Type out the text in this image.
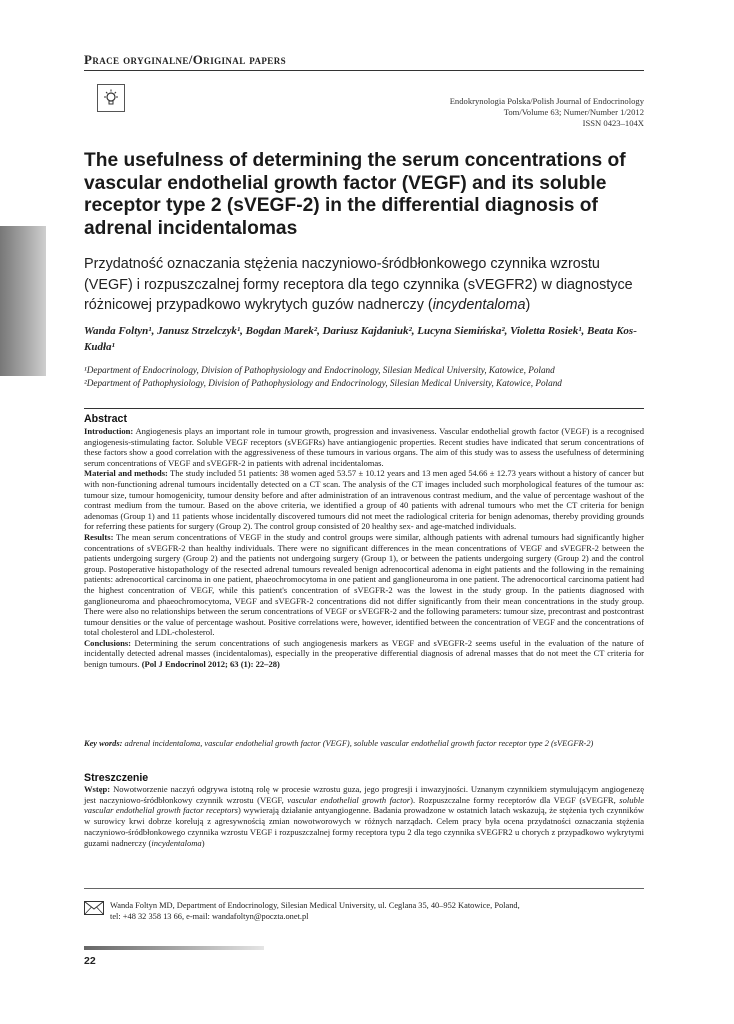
Prace oryginalne/Original papers
Endokrynologia Polska/Polish Journal of Endocrinology
Tom/Volume 63; Numer/Number 1/2012
ISSN 0423–104X
The usefulness of determining the serum concentrations of vascular endothelial growth factor (VEGF) and its soluble receptor type 2 (sVEGF-2) in the differential diagnosis of adrenal incidentalomas
Przydatność oznaczania stężenia naczyniowo-śródbłonkowego czynnika wzrostu (VEGF) i rozpuszczalnej formy receptora dla tego czynnika (sVEGFR2) w diagnostyce różnicowej przypadkowo wykrytych guzów nadnerczy (incydentaloma)
Wanda Foltyn¹, Janusz Strzelczyk¹, Bogdan Marek², Dariusz Kajdaniuk², Lucyna Siemińska², Violetta Rosiek¹, Beata Kos-Kudła¹
¹Department of Endocrinology, Division of Pathophysiology and Endocrinology, Silesian Medical University, Katowice, Poland
²Department of Pathophysiology, Division of Pathophysiology and Endocrinology, Silesian Medical University, Katowice, Poland
Abstract

Introduction: Angiogenesis plays an important role in tumour growth, progression and invasiveness. Vascular endothelial growth factor (VEGF) is a recognised angiogenesis-stimulating factor. Soluble VEGF receptors (sVEGFRs) have antiangiogenic properties. Recent studies have indicated that serum concentrations of these factors show a good correlation with the aggressiveness of these tumours in various organs. The aim of this study was to assess the usefulness of determining serum concentrations of VEGF and sVEGFR-2 in patients with adrenal incidentalomas.

Material and methods: The study included 51 patients: 38 women aged 53.57 ± 10.12 years and 13 men aged 54.66 ± 12.73 years without a history of cancer but with non-functioning adrenal tumours incidentally detected on a CT scan. The analysis of the CT images included such morphological features of the tumour as: tumour size, tumour homogenicity, tumour density before and after administration of an intravenous contrast medium, and the value of percentage washout of the contrast medium from the tumour. Based on the above criteria, we identified a group of 40 patients with adrenal tumours who met the CT criteria for benign adenomas (Group 1) and 11 patients whose incidentally discovered tumours did not meet the radiological criteria for benign adenomas, thereby providing grounds for referring these patients for surgery (Group 2). The control group consisted of 20 healthy sex- and age-matched individuals.

Results: The mean serum concentrations of VEGF in the study and control groups were similar, although patients with adrenal tumours had significantly higher concentrations of sVEGFR-2 than healthy individuals. There were no significant differences in the mean concentrations of VEGF and sVEGFR-2 between the patients undergoing surgery (Group 2) and the patients not undergoing surgery (Group 1), or between the patients undergoing surgery (Group 2) and the control group. Postoperative histopathology of the resected adrenal tumours revealed benign adrenocortical adenoma in eight patients and the following in the remaining patients: adrenocortical carcinoma in one patient, phaeochromocytoma in one patient and ganglioneuroma in one patient. The adrenocortical carcinoma patient had the highest concentration of VEGF, while this patient's concentration of sVEGFR-2 was the lowest in the study group. In the patients diagnosed with ganglioneuroma and phaeochromocytoma, VEGF and sVEGFR-2 concentrations did not differ significantly from their mean concentrations in the study group. There were also no relationships between the serum concentrations of VEGF or sVEGFR-2 and the following parameters: tumour size, precontrast and postcontrast tumour densities or the value of percentage washout. Positive correlations were, however, identified between the concentration of VEGF and the concentrations of total cholesterol and LDL-cholesterol.

Conclusions: Determining the serum concentrations of such angiogenesis markers as VEGF and sVEGFR-2 seems useful in the evaluation of the nature of incidentally detected adrenal masses (incidentalomas), especially in the preoperative differential diagnosis of adrenal masses that do not meet the CT criteria for benign tumours. (Pol J Endocrinol 2012; 63 (1): 22–28)

Key words: adrenal incidentaloma, vascular endothelial growth factor (VEGF), soluble vascular endothelial growth factor receptor type 2 (sVEGFR-2)
Streszczenie
Wstęp: Nowotworzenie naczyń odgrywa istotną rolę w procesie wzrostu guza, jego progresji i inwazyjności. Uznanym czynnikiem stymulującym angiogenezę jest naczyniowo-śródbłonkowy czynnik wzrostu (VEGF, vascular endothelial growth factor). Rozpuszczalne formy receptorów dla VEGF (sVEGFR, soluble vascular endothelial growth factor receptors) wywierają działanie antyangiogenne. Badania prowadzone w ostatnich latach wskazują, że stężenia tych czynników w surowicy krwi dobrze korelują z agresywnością zmian nowotworowych w różnych narządach. Celem pracy była ocena przydatności oznaczania stężenia naczyniowo-śródbłonkowego czynnika wzrostu VEGF i rozpuszczalnej formy receptora typu 2 dla tego czynnika sVEGFR2 u chorych z przypadkowo wykrytymi guzami nadnerczy (incydentaloma)
Wanda Foltyn MD, Department of Endocrinology, Silesian Medical University, ul. Ceglana 35, 40–952 Katowice, Poland,
tel: +48 32 358 13 66, e-mail: wandafoltyn@poczta.onet.pl
22
